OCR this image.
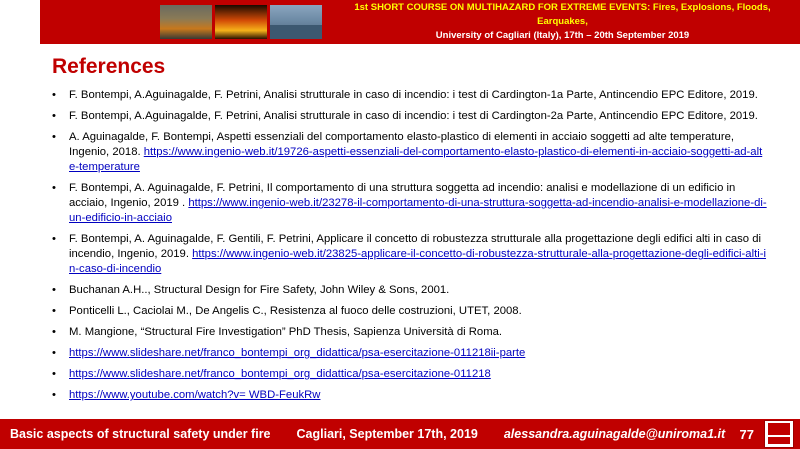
1st SHORT COURSE ON MULTIHAZARD FOR EXTREME EVENTS: Fires, Explosions, Floods, Earquakes,
University of Cagliari (Italy), 17th – 20th September 2019
References
•	F. Bontempi, A.Aguinagalde, F. Petrini, Analisi strutturale in caso di incendio: i test di Cardington-1a Parte, Antincendio EPC Editore, 2019.
•	F. Bontempi, A.Aguinagalde, F. Petrini, Analisi strutturale in caso di incendio: i test di Cardington-2a Parte, Antincendio EPC Editore, 2019.
•	A. Aguinagalde, F. Bontempi, Aspetti essenziali del comportamento elasto-plastico di elementi in acciaio soggetti ad alte temperature, Ingenio, 2018. https://www.ingenio-web.it/19726-aspetti-essenziali-del-comportamento-elasto-plastico-di-elementi-in-acciaio-soggetti-ad-alte-temperature
•	F. Bontempi, A. Aguinagalde, F. Petrini, Il comportamento di una struttura soggetta ad incendio: analisi e modellazione di un edificio in acciaio, Ingenio, 2019 . https://www.ingenio-web.it/23278-il-comportamento-di-una-struttura-soggetta-ad-incendio-analisi-e-modellazione-di-un-edificio-in-acciaio
•	F. Bontempi, A. Aguinagalde, F. Gentili, F. Petrini, Applicare il concetto di robustezza strutturale alla progettazione degli edifici alti in caso di incendio, Ingenio, 2019. https://www.ingenio-web.it/23825-applicare-il-concetto-di-robustezza-strutturale-alla-progettazione-degli-edifici-alti-in-caso-di-incendio
•	Buchanan A.H.., Structural Design for Fire Safety, John Wiley & Sons, 2001.
•	Ponticelli L., Caciolai M., De Angelis C., Resistenza al fuoco delle costruzioni, UTET, 2008.
•	M. Mangione, “Structural Fire Investigation” PhD Thesis, Sapienza Università di Roma.
•	https://www.slideshare.net/franco_bontempi_org_didattica/psa-esercitazione-011218ii-parte
•	https://www.slideshare.net/franco_bontempi_org_didattica/psa-esercitazione-011218
•	https://www.youtube.com/watch?v= WBD-FeukRw
Basic aspects of structural safety under fire Cagliari, September 17th, 2019 alessandra.aguinagalde@uniroma1.it 77
